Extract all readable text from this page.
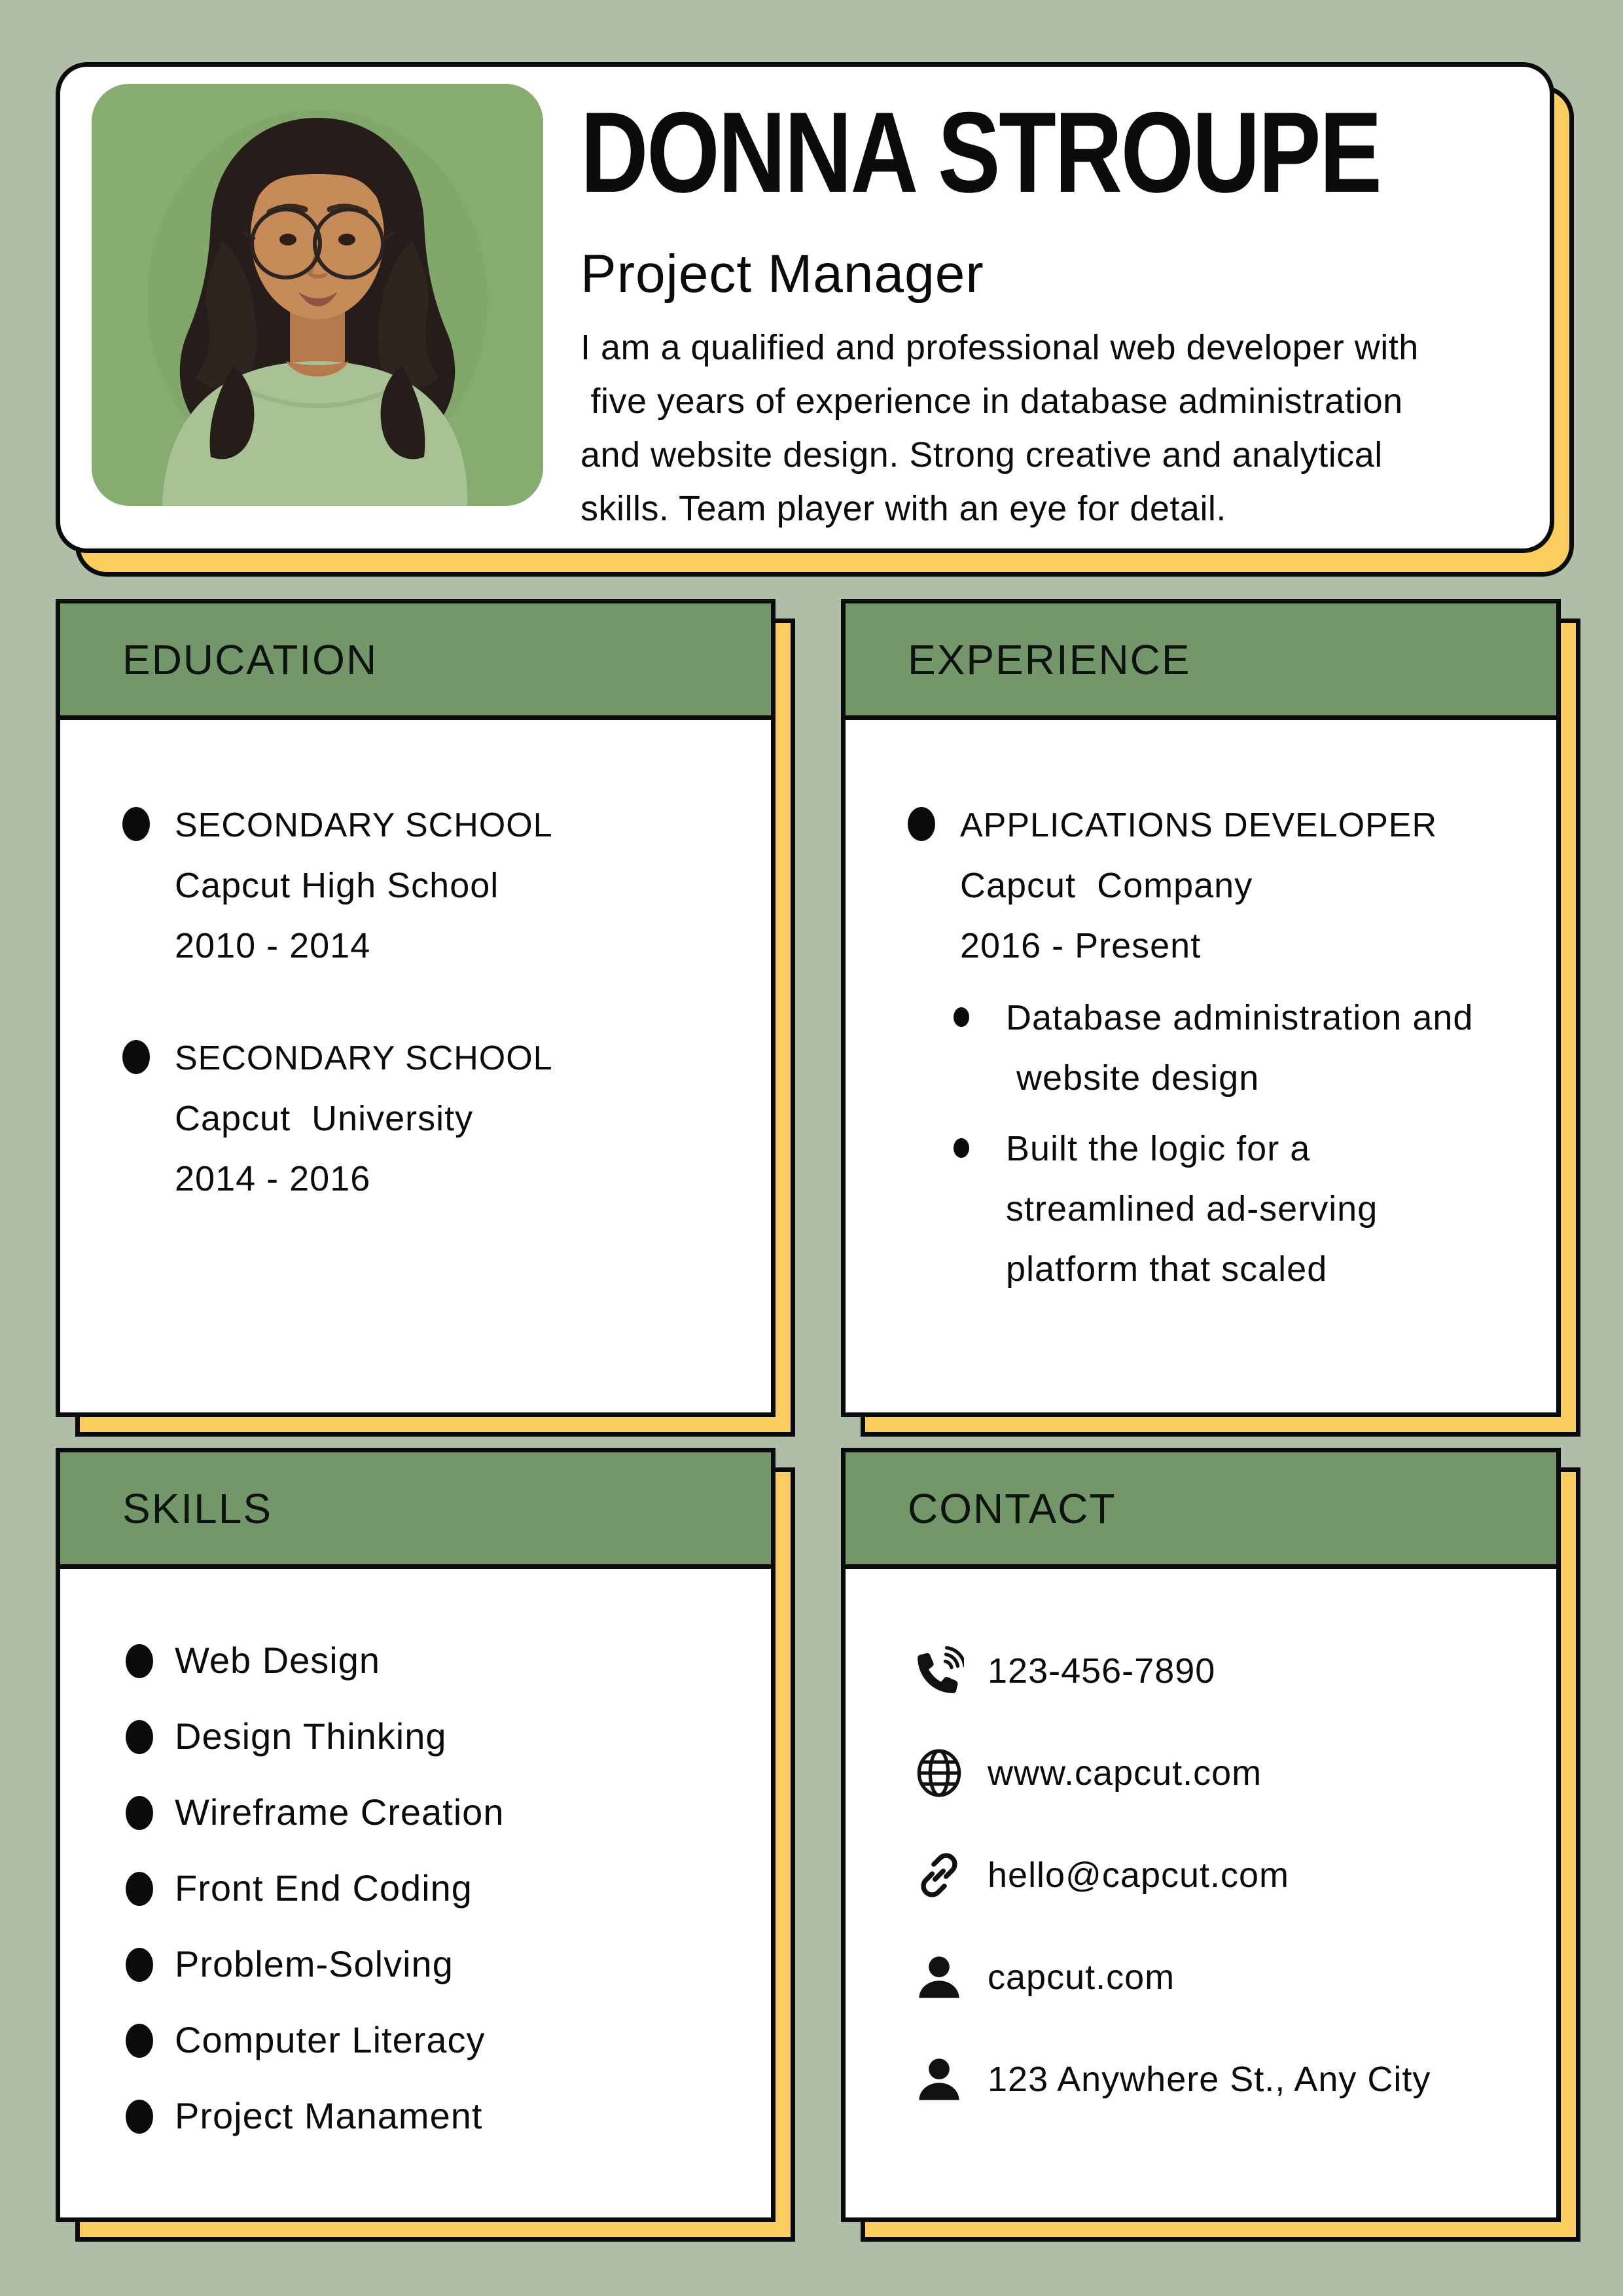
DONNA STROUPE
Project Manager
I am a qualified and professional web developer with
five years of experience in database administration
and website design. Strong creative and analytical
skills. Team player with an eye for detail.
EDUCATION
SECONDARY SCHOOL
Capcut High School
2010 - 2014
SECONDARY SCHOOL
Capcut  University
2014 - 2016
EXPERIENCE
APPLICATIONS DEVELOPER
Capcut  Company
2016 - Present
Database administration and
website design
Built the logic for a
streamlined ad-serving
platform that scaled
SKILLS
Web Design
Design Thinking
Wireframe Creation
Front End Coding
Problem-Solving
Computer Literacy
Project Manament
CONTACT
123-456-7890
www.capcut.com
hello@capcut.com
capcut.com
123 Anywhere St., Any City
